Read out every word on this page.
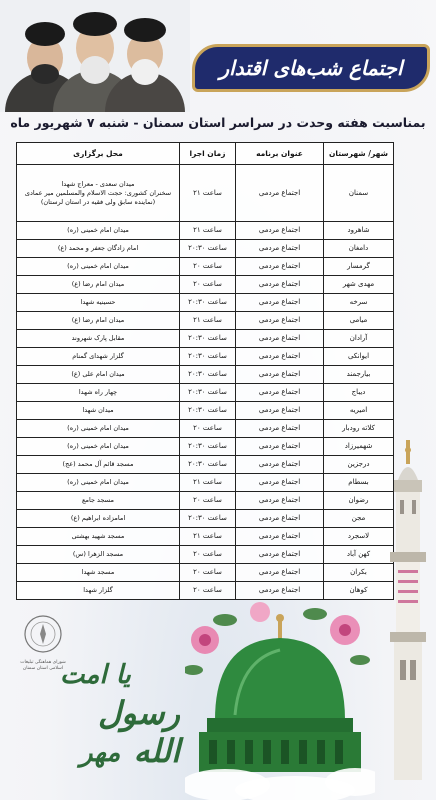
اجتماع شب‌های اقتدار
بمناسبت هفته وحدت در سراسر استان سمنان - شنبه ۷ شهریور ماه
شهر/ شهرستان	عنوان برنامه	زمان اجرا	محل برگزاری
سمنان	اجتماع مردمی	ساعت ۲۱	میدان سعدی - معراج شهدا
سخنران کشوری: حجت الاسلام والمسلمین میر عمادی
(نماینده سابق ولی فقیه در استان لرستان)
شاهرود	اجتماع مردمی	ساعت ۲۱	میدان امام خمینی (ره)
دامغان	اجتماع مردمی	ساعت ۲۰:۳۰	امام زادگان جعفر و محمد (ع)
گرمسار	اجتماع مردمی	ساعت ۲۰	میدان امام خمینی (ره)
مهدی شهر	اجتماع مردمی	ساعت ۲۰	میدان امام رضا (ع)
سرخه	اجتماع مردمی	ساعت ۲۰:۳۰	حسینیه شهدا
میامی	اجتماع مردمی	ساعت ۲۱	میدان امام رضا (ع)
آرادان	اجتماع مردمی	ساعت ۲۰:۳۰	مقابل پارک شهروند
ایوانکی	اجتماع مردمی	ساعت ۲۰:۳۰	گلزار شهدای گمنام
بیارجمند	اجتماع مردمی	ساعت ۲۰:۳۰	میدان امام علی (ع)
دیباج	اجتماع مردمی	ساعت ۲۰:۳۰	چهار راه شهدا
امیریه	اجتماع مردمی	ساعت ۲۰:۳۰	میدان شهدا
کلاته رودبار	اجتماع مردمی	ساعت ۲۰	میدان امام خمینی (ره)
شهمیرزاد	اجتماع مردمی	ساعت ۲۰:۳۰	میدان امام خمینی (ره)
درجزین	اجتماع مردمی	ساعت ۲۰:۳۰	مسجد قائم آل محمد (عج)
بسطام	اجتماع مردمی	ساعت ۲۱	میدان امام خمینی (ره)
رضوان	اجتماع مردمی	ساعت ۲۰	مسجد جامع
مجن	اجتماع مردمی	ساعت ۲۰:۳۰	امامزاده ابراهیم (ع)
لاسجرد	اجتماع مردمی	ساعت ۲۱	مسجد شهید بهشتی
کهن آباد	اجتماع مردمی	ساعت ۲۰	مسجد الزهرا (س)
بکران	اجتماع مردمی	ساعت ۲۰	مسجد شهدا
کوهان	اجتماع مردمی	ساعت ۲۰	گلزار شهدا
شورای هماهنگی تبلیغات اسلامی استان سمنان
یا امت
رسول الله
مهر
